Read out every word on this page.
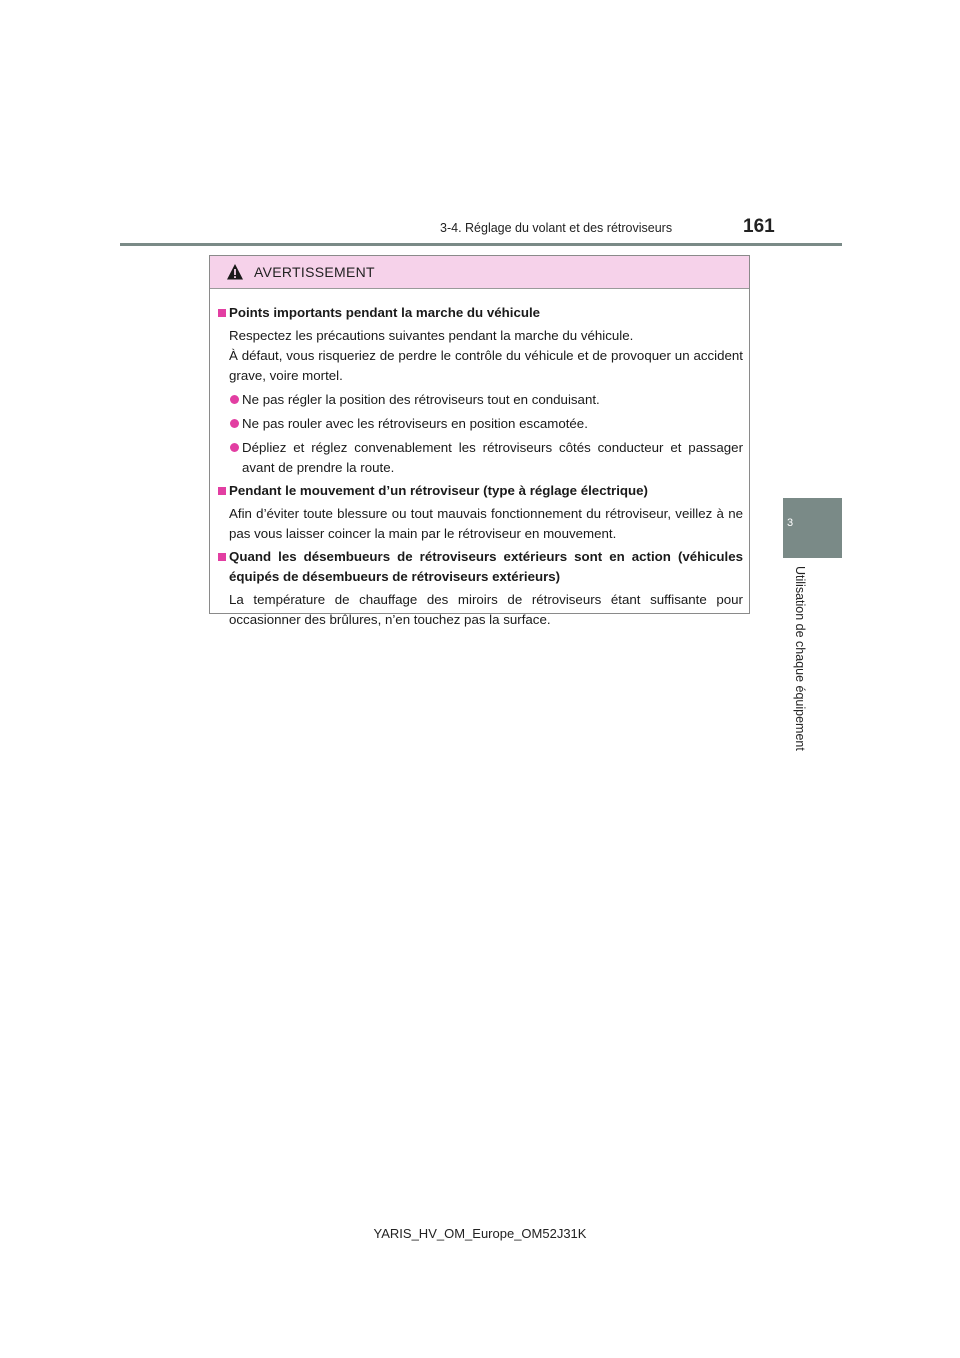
3-4. Réglage du volant et des rétroviseurs	161
3
Utilisation de chaque équipement
AVERTISSEMENT
Points importants pendant la marche du véhicule
Respectez les précautions suivantes pendant la marche du véhicule.
À défaut, vous risqueriez de perdre le contrôle du véhicule et de provoquer un accident grave, voire mortel.
Ne pas régler la position des rétroviseurs tout en conduisant.
Ne pas rouler avec les rétroviseurs en position escamotée.
Dépliez et réglez convenablement les rétroviseurs côtés conducteur et passager avant de prendre la route.
Pendant le mouvement d’un rétroviseur (type à réglage électrique)
Afin d’éviter toute blessure ou tout mauvais fonctionnement du rétroviseur, veillez à ne pas vous laisser coincer la main par le rétroviseur en mouvement.
Quand les désembueurs de rétroviseurs extérieurs sont en action (véhicules équipés de désembueurs de rétroviseurs extérieurs)
La température de chauffage des miroirs de rétroviseurs étant suffisante pour occasionner des brûlures, n’en touchez pas la surface.
YARIS_HV_OM_Europe_OM52J31K
